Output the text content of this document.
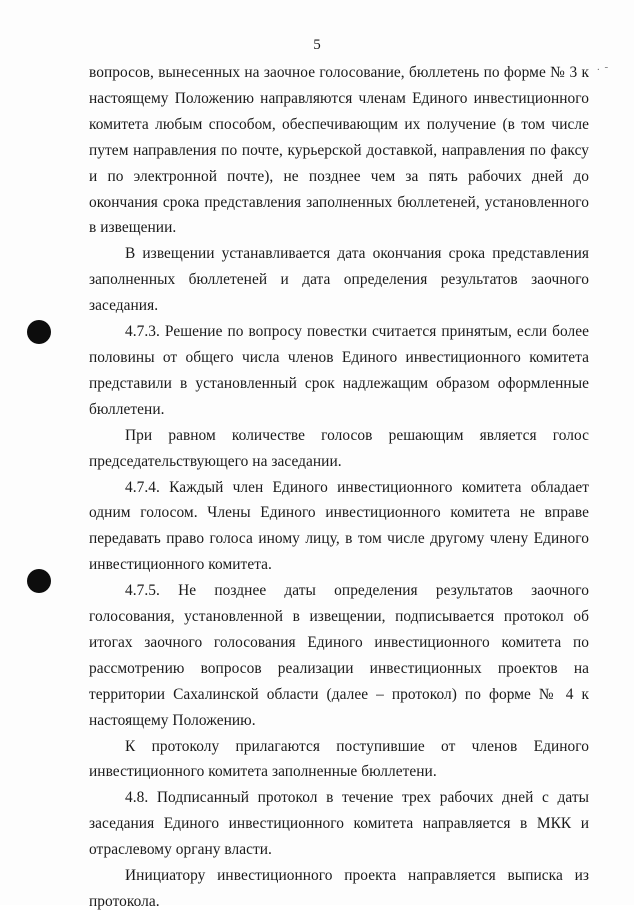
5
. -

вопросов, вынесенных на заочное голосование, бюллетень по форме № 3 к настоящему Положению направляются членам Единого инвестиционного комитета любым способом, обеспечивающим их получение (в том числе путем направления по почте, курьерской доставкой, направления по факсу и по электронной почте), не позднее чем за пять рабочих дней до окончания срока представления заполненных бюллетеней, установленного в извещении.

В извещении устанавливается дата окончания срока представления заполненных бюллетеней и дата определения результатов заочного заседания.

4.7.3. Решение по вопросу повестки считается принятым, если более половины от общего числа членов Единого инвестиционного комитета представили в установленный срок надлежащим образом оформленные бюллетени.

При равном количестве голосов решающим является голос председательствующего на заседании.

4.7.4. Каждый член Единого инвестиционного комитета обладает одним голосом. Члены Единого инвестиционного комитета не вправе передавать право голоса иному лицу, в том числе другому члену Единого инвестиционного комитета.

4.7.5. Не позднее даты определения результатов заочного голосования, установленной в извещении, подписывается протокол об итогах заочного голосования Единого инвестиционного комитета по рассмотрению вопросов реализации инвестиционных проектов на территории Сахалинской области (далее – протокол) по форме № 4 к настоящему Положению.

К протоколу прилагаются поступившие от членов Единого инвестиционного комитета заполненные бюллетени.

4.8. Подписанный протокол в течение трех рабочих дней с даты заседания Единого инвестиционного комитета направляется в МКК и отраслевому органу власти.

Инициатору инвестиционного проекта направляется выписка из протокола.
